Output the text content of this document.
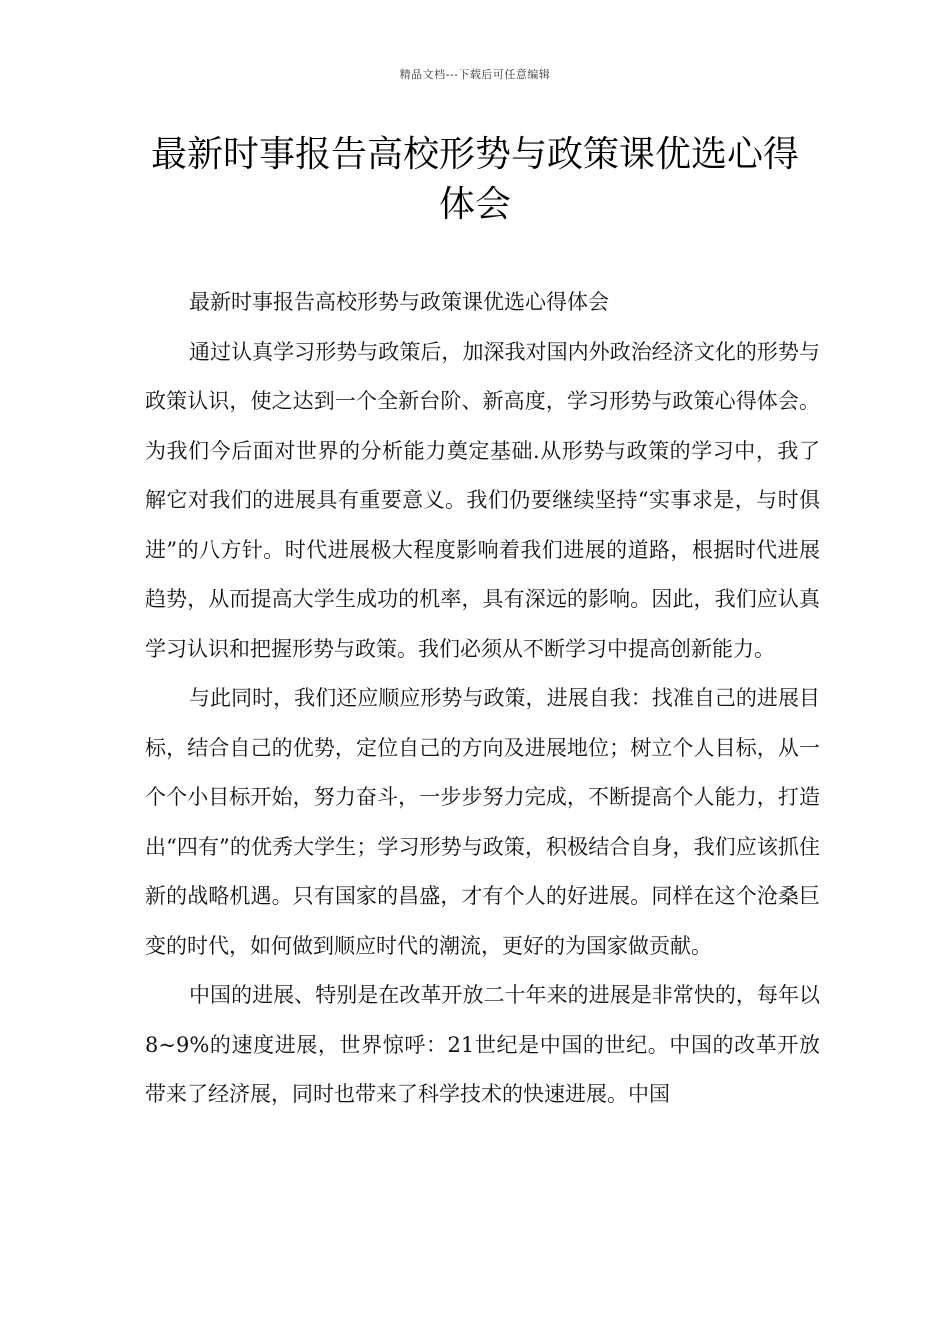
精品文档---下载后可任意编辑
最新时事报告高校形势与政策课优选心得体会

最新时事报告高校形势与政策课优选心得体会

通过认真学习形势与政策后，加深我对国内外政治经济文化的形势与政策认识，使之达到一个全新台阶、新高度，学习形势与政策心得体会。为我们今后面对世界的分析能力奠定基础.从形势与政策的学习中，我了解它对我们的进展具有重要意义。我们仍要继续坚持“实事求是，与时俱进”的八方针。时代进展极大程度影响着我们进展的道路，根据时代进展趋势，从而提高大学生成功的机率，具有深远的影响。因此，我们应认真学习认识和把握形势与政策。我们必须从不断学习中提高创新能力。

与此同时，我们还应顺应形势与政策，进展自我：找准自己的进展目标，结合自己的优势，定位自己的方向及进展地位；树立个人目标，从一个个小目标开始，努力奋斗，一步步努力完成，不断提高个人能力，打造出“四有”的优秀大学生；学习形势与政策，积极结合自身，我们应该抓住新的战略机遇。只有国家的昌盛，才有个人的好进展。同样在这个沧桑巨变的时代，如何做到顺应时代的潮流，更好的为国家做贡献。

中国的进展、特别是在改革开放二十年来的进展是非常快的，每年以8~9%的速度进展，世界惊呼：21世纪是中国的世纪。中国的改革开放带来了经济展，同时也带来了科学技术的快速进展。中国
